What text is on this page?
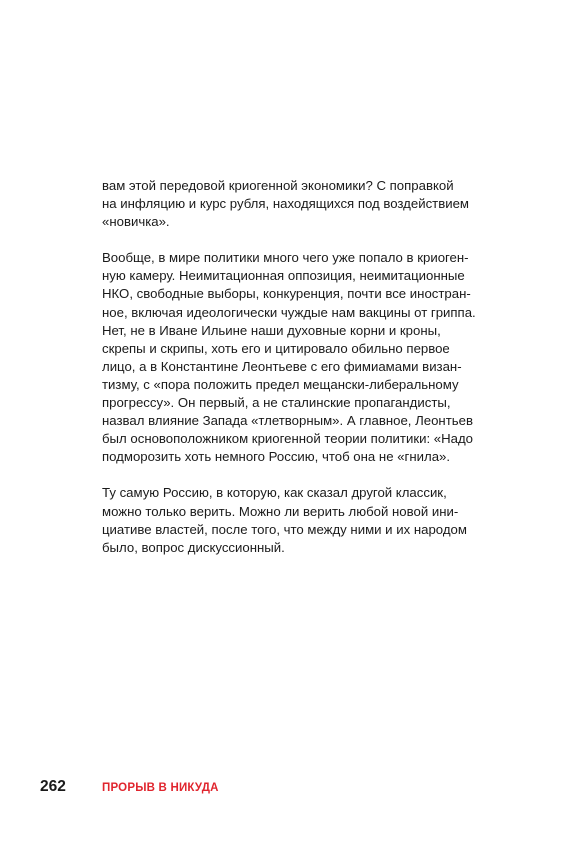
вам этой передовой криогенной экономики? С поправкой
на инфляцию и курс рубля, находящихся под воздействием
«новичка».

Вообще, в мире политики много чего уже попало в криоген-
ную камеру. Неимитационная оппозиция, неимитационные
НКО, свободные выборы, конкуренция, почти все иностран-
ное, включая идеологически чуждые нам вакцины от гриппа.
Нет, не в Иване Ильине наши духовные корни и кроны,
скрепы и скрипы, хоть его и цитировало обильно первое
лицо, а в Константине Леонтьеве с его фимиамами визан-
тизму, с «пора положить предел мещански-либеральному
прогрессу». Он первый, а не сталинские пропагандисты,
назвал влияние Запада «тлетворным». А главное, Леонтьев
был основоположником криогенной теории политики: «Надо
подморозить хоть немного Россию, чтоб она не «гнила».

Ту самую Россию, в которую, как сказал другой классик,
можно только верить. Можно ли верить любой новой ини-
циативе властей, после того, что между ними и их народом
было, вопрос дискуссионный.

262	ПРОРЫВ В НИКУДА
